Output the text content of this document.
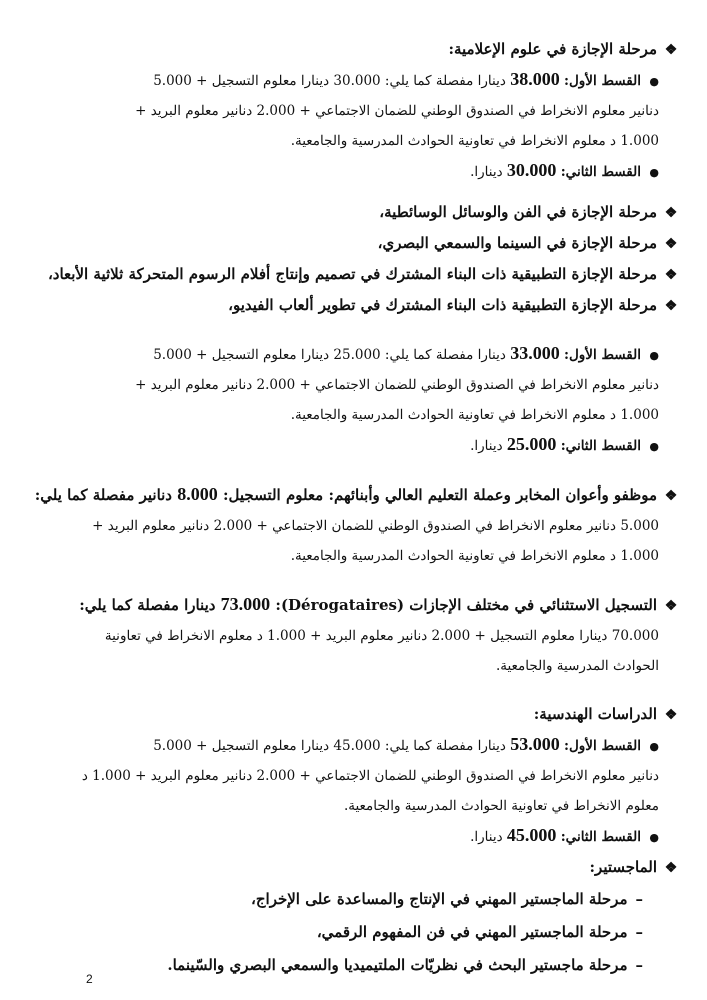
❖
مرحلة الإجازة في علوم الإعلامية:
●
القسط الأول: 38.000 دينارا مفصلة كما يلي: 30.000 دينارا معلوم التسجيل + 5.000
دنانير معلوم الانخراط في الصندوق الوطني للضمان الاجتماعي + 2.000 دنانير معلوم البريد +
1.000 د معلوم الانخراط في تعاونية الحوادث المدرسية والجامعية.
●
القسط الثاني: 30.000 دينارا.
❖
مرحلة الإجازة في الفن والوسائل الوسائطية،
❖
مرحلة الإجازة في السينما والسمعي البصري،
❖
مرحلة الإجازة التطبيقية ذات البناء المشترك في تصميم وإنتاج أفلام الرسوم المتحركة ثلاثية الأبعاد،
❖
مرحلة الإجازة التطبيقية ذات البناء المشترك في تطوير ألعاب الفيديو،
●
القسط الأول: 33.000 دينارا مفصلة كما يلي: 25.000 دينارا معلوم التسجيل + 5.000
دنانير معلوم الانخراط في الصندوق الوطني للضمان الاجتماعي + 2.000 دنانير معلوم البريد +
1.000 د معلوم الانخراط في تعاونية الحوادث المدرسية والجامعية.
●
القسط الثاني: 25.000 دينارا.
❖
موظفو وأعوان المخابر وعملة التعليم العالي وأبنائهم: معلوم التسجيل: 8.000 دنانير مفصلة كما يلي:
5.000 دنانير معلوم الانخراط في الصندوق الوطني للضمان الاجتماعي + 2.000 دنانير معلوم البريد +
1.000 د معلوم الانخراط في تعاونية الحوادث المدرسية والجامعية.
❖
التسجيل الاستثنائي في مختلف الإجازات (Dérogataires): 73.000 دينارا مفصلة كما يلي:
70.000 دينارا معلوم التسجيل + 2.000 دنانير معلوم البريد + 1.000 د معلوم الانخراط في تعاونية
الحوادث المدرسية والجامعية.
❖
الدراسات الهندسية:
●
القسط الأول: 53.000 دينارا مفصلة كما يلي: 45.000 دينارا معلوم التسجيل + 5.000
دنانير معلوم الانخراط في الصندوق الوطني للضمان الاجتماعي + 2.000 دنانير معلوم البريد + 1.000 د
معلوم الانخراط في تعاونية الحوادث المدرسية والجامعية.
●
القسط الثاني: 45.000 دينارا.
❖
الماجستير:
–
مرحلة الماجستير المهني في الإنتاج والمساعدة على الإخراج،
–
مرحلة الماجستير المهني في فن المفهوم الرقمي،
–
مرحلة ماجستير البحث في نظريّات الملتيميديا والسمعي البصري والسّينما.
2
